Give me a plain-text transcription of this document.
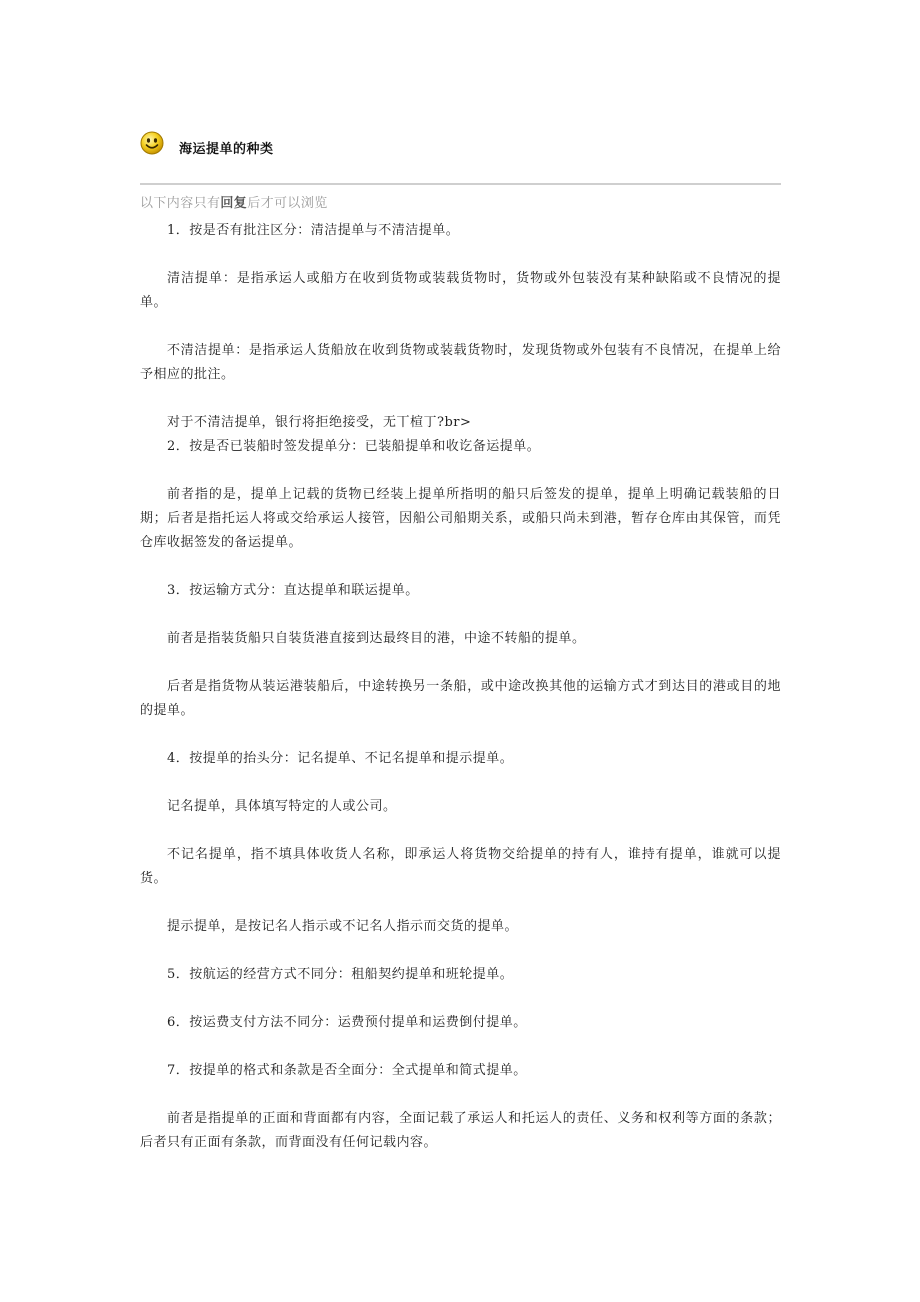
海运提单的种类
以下内容只有回复后才可以浏览

1．按是否有批注区分：清洁提单与不清洁提单。

清洁提单：是指承运人或船方在收到货物或装载货物时，货物或外包装没有某种缺陷或不良情况的提单。

不清洁提单：是指承运人货船放在收到货物或装载货物时，发现货物或外包装有不良情况，在提单上给予相应的批注。

对于不清洁提单，银行将拒绝接受，无丅楦丁?br>

2．按是否已装船时签发提单分：已装船提单和收讫备运提单。

前者指的是，提单上记载的货物已经装上提单所指明的船只后签发的提单，提单上明确记载装船的日期；后者是指托运人将或交给承运人接管，因船公司船期关系，或船只尚未到港，暂存仓库由其保管，而凭仓库收据签发的备运提单。

3．按运输方式分：直达提单和联运提单。

前者是指装货船只自装货港直接到达最终目的港，中途不转船的提单。

后者是指货物从装运港装船后，中途转换另一条船，或中途改换其他的运输方式才到达目的港或目的地的提单。

4．按提单的抬头分：记名提单、不记名提单和提示提单。

记名提单，具体填写特定的人或公司。

不记名提单，指不填具体收货人名称，即承运人将货物交给提单的持有人，谁持有提单，谁就可以提货。

提示提单，是按记名人指示或不记名人指示而交货的提单。

5．按航运的经营方式不同分：租船契约提单和班轮提单。

6．按运费支付方法不同分：运费预付提单和运费倒付提单。

7．按提单的格式和条款是否全面分：全式提单和简式提单。

前者是指提单的正面和背面都有内容，全面记载了承运人和托运人的责任、义务和权利等方面的条款；后者只有正面有条款，而背面没有任何记载内容。
